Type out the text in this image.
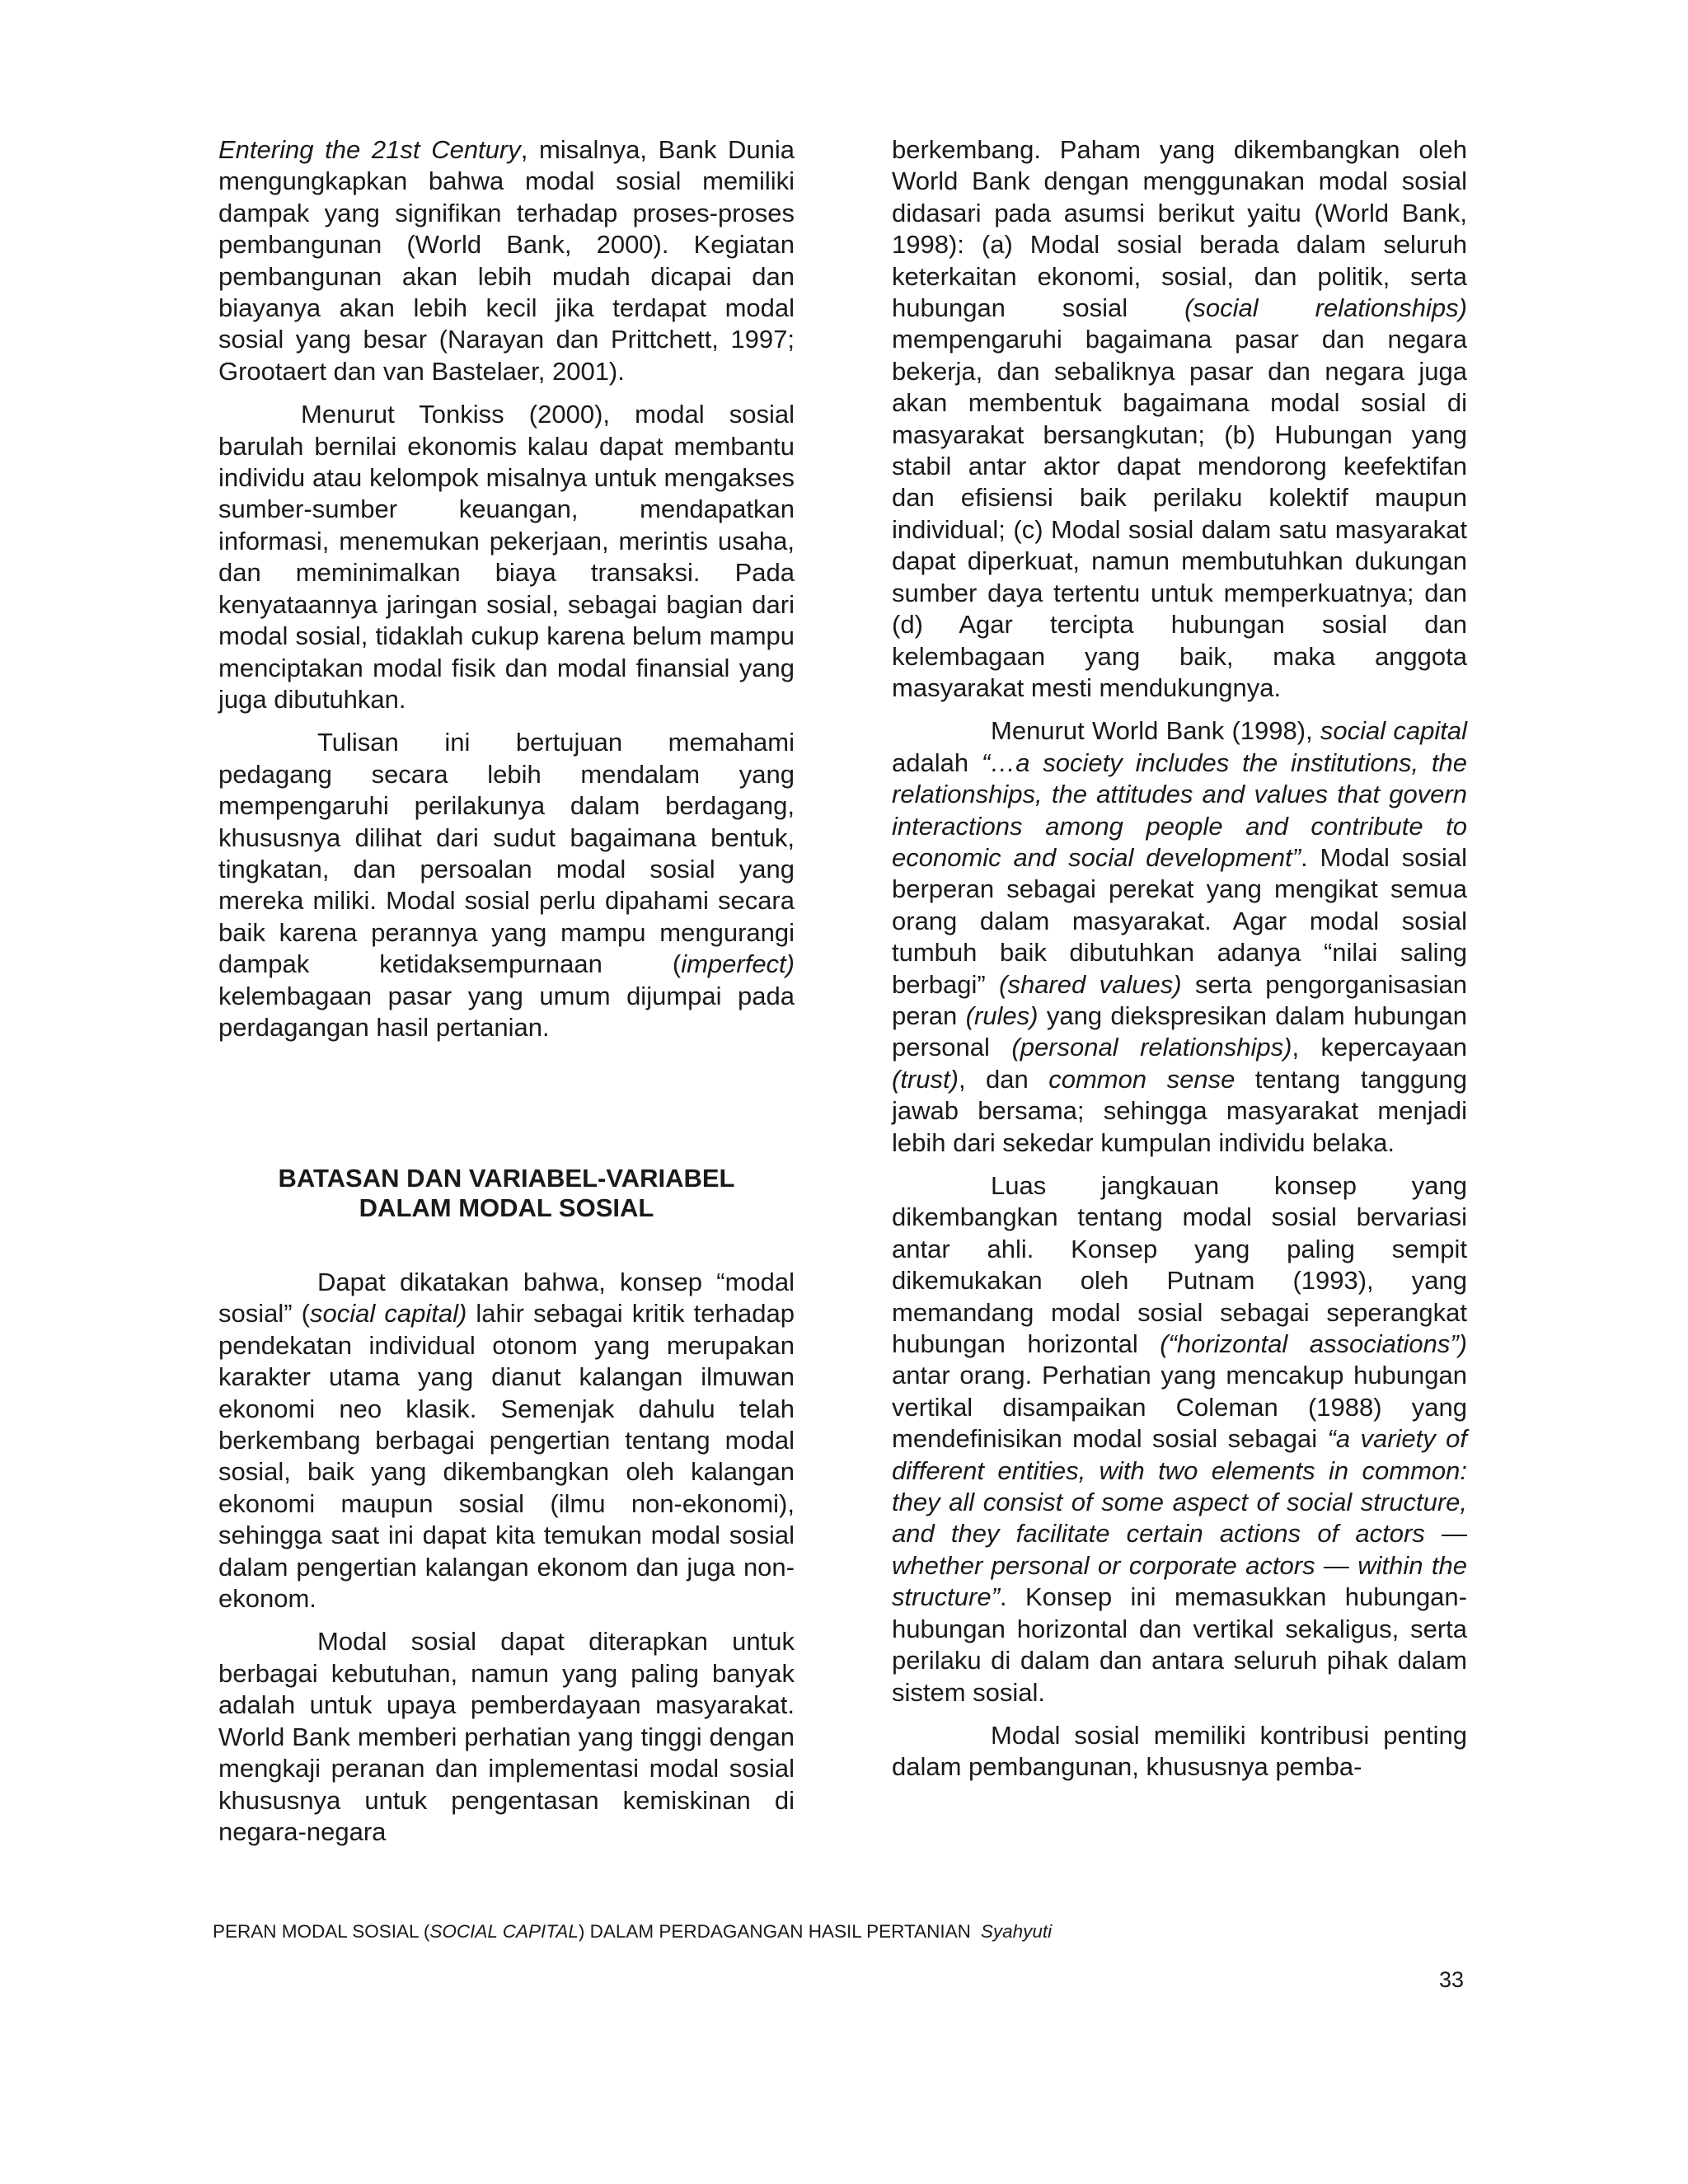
Entering the 21st Century, misalnya, Bank Dunia mengungkapkan bahwa modal sosial memiliki dampak yang signifikan terhadap proses-proses pembangunan (World Bank, 2000). Kegiatan pembangunan akan lebih mudah dicapai dan biayanya akan lebih kecil jika terdapat modal sosial yang besar (Narayan dan Prittchett, 1997; Grootaert dan van Bastelaer, 2001).

Menurut Tonkiss (2000), modal sosial barulah bernilai ekonomis kalau dapat membantu individu atau kelompok misalnya untuk mengakses sumber-sumber keuangan, mendapatkan informasi, menemukan pekerjaan, merintis usaha, dan meminimalkan biaya transaksi. Pada kenyataannya jaringan sosial, sebagai bagian dari modal sosial, tidaklah cukup karena belum mampu menciptakan modal fisik dan modal finansial yang juga dibutuhkan.

Tulisan ini bertujuan memahami pedagang secara lebih mendalam yang mempengaruhi perilakunya dalam berdagang, khususnya dilihat dari sudut bagaimana bentuk, tingkatan, dan persoalan modal sosial yang mereka miliki. Modal sosial perlu dipahami secara baik karena perannya yang mampu mengurangi dampak ketidaksempurnaan (imperfect) kelembagaan pasar yang umum dijumpai pada perdagangan hasil pertanian.

Dapat dikatakan bahwa, konsep “modal sosial” (social capital) lahir sebagai kritik terhadap pendekatan individual otonom yang merupakan karakter utama yang dianut kalangan ilmuwan ekonomi neo klasik. Semenjak dahulu telah berkembang berbagai pengertian tentang modal sosial, baik yang dikembangkan oleh kalangan ekonomi maupun sosial (ilmu non-ekonomi), sehingga saat ini dapat kita temukan modal sosial dalam pengertian kalangan ekonom dan juga non-ekonom.

Modal sosial dapat diterapkan untuk berbagai kebutuhan, namun yang paling banyak adalah untuk upaya pemberdayaan masyarakat. World Bank memberi perhatian yang tinggi dengan mengkaji peranan dan implementasi modal sosial khususnya untuk pengentasan kemiskinan di negara-negara

BATASAN DAN VARIABEL-VARIABEL
DALAM MODAL SOSIAL

berkembang. Paham yang dikembangkan oleh World Bank dengan menggunakan modal sosial didasari pada asumsi berikut yaitu (World Bank, 1998): (a) Modal sosial berada dalam seluruh keterkaitan ekonomi, sosial, dan politik, serta hubungan sosial (social relationships) mempengaruhi bagaimana pasar dan negara bekerja, dan sebaliknya pasar dan negara juga akan membentuk bagaimana modal sosial di masyarakat bersangkutan; (b) Hubungan yang stabil antar aktor dapat mendorong keefektifan dan efisiensi baik perilaku kolektif maupun individual; (c) Modal sosial dalam satu masyarakat dapat diperkuat, namun membutuhkan dukungan sumber daya tertentu untuk memperkuatnya; dan (d) Agar tercipta hubungan sosial dan kelembagaan yang baik, maka anggota masyarakat mesti mendukungnya.

Menurut World Bank (1998), social capital adalah “…a society includes the institutions, the relationships, the attitudes and values that govern interactions among people and contribute to economic and social development”. Modal sosial berperan sebagai perekat yang mengikat semua orang dalam masyarakat. Agar modal sosial tumbuh baik dibutuhkan adanya “nilai saling berbagi” (shared values) serta pengorganisasian peran (rules) yang diekspresikan dalam hubungan personal (personal relationships), kepercayaan (trust), dan common sense tentang tanggung jawab bersama; sehingga masyarakat menjadi lebih dari sekedar kumpulan individu belaka.

Luas jangkauan konsep yang dikembangkan tentang modal sosial bervariasi antar ahli. Konsep yang paling sempit dikemukakan oleh Putnam (1993), yang memandang modal sosial sebagai seperangkat hubungan horizontal (“horizontal associations”) antar orang. Perhatian yang mencakup hubungan vertikal disampaikan Coleman (1988) yang mendefinisikan modal sosial sebagai “a variety of different entities, with two elements in common: they all consist of some aspect of social structure, and they facilitate certain actions of actors — whether personal or corporate actors — within the structure”. Konsep ini memasukkan hubungan-hubungan horizontal dan vertikal sekaligus, serta perilaku di dalam dan antara seluruh pihak dalam sistem sosial.

Modal sosial memiliki kontribusi penting dalam pembangunan, khususnya pemba-

PERAN MODAL SOSIAL (SOCIAL CAPITAL) DALAM PERDAGANGAN HASIL PERTANIAN Syahyuti
33
